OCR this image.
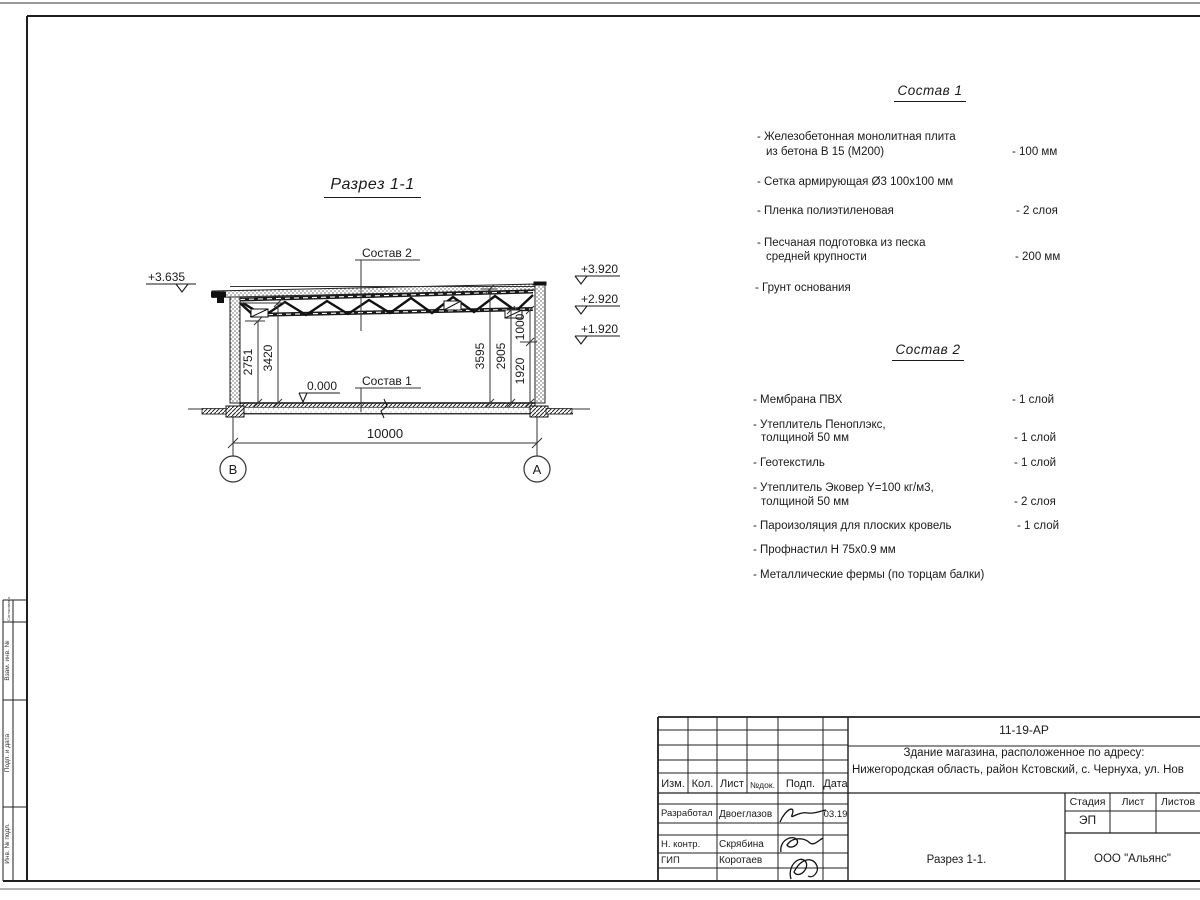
+3.635
+3.920
+2.920
+1.920
0.000
Состав 2
Состав 1
2751 3420	3595 2905
1920
1000
10000
В	А
Разрез 1-1
Состав 1
- Железобетонная монолитная плита
из бетона В 15 (М200)	- 100 мм
- Сетка армирующая Ø3 100х100 мм
- Пленка полиэтиленовая	- 2 слоя
- Песчаная подготовка из песка
средней крупности	- 200 мм
- Грунт основания
Состав 2
- Мембрана ПВХ	- 1 слой
- Утеплитель Пеноплэкс,
толщиной 50 мм	- 1 слой
- Геотекстиль	- 1 слой
- Утеплитель Эковер Y=100 кг/м3,
толщиной 50 мм	- 2 слоя
- Пароизоляция для плоских кровель	- 1 слой
- Профнастил Н 75х0.9 мм
- Металлические фермы (по торцам балки)
11-19-АР
Здание магазина, расположенное по адресу:
Нижегородская область, район Кстовский, с. Чернуха, ул. Нов
Изм. Кол. Лист №док. Подп. Дата
Разработал Двоеглазов	03.19
Н. контр. Скрябина
ГИП	Коротаев
Стадия	Лист	Листов
ЭП
Разрез 1-1.	ООО "Альянс"
Согласовано
Взам. инв. №
Подп. и дата
Инв. № подл.
